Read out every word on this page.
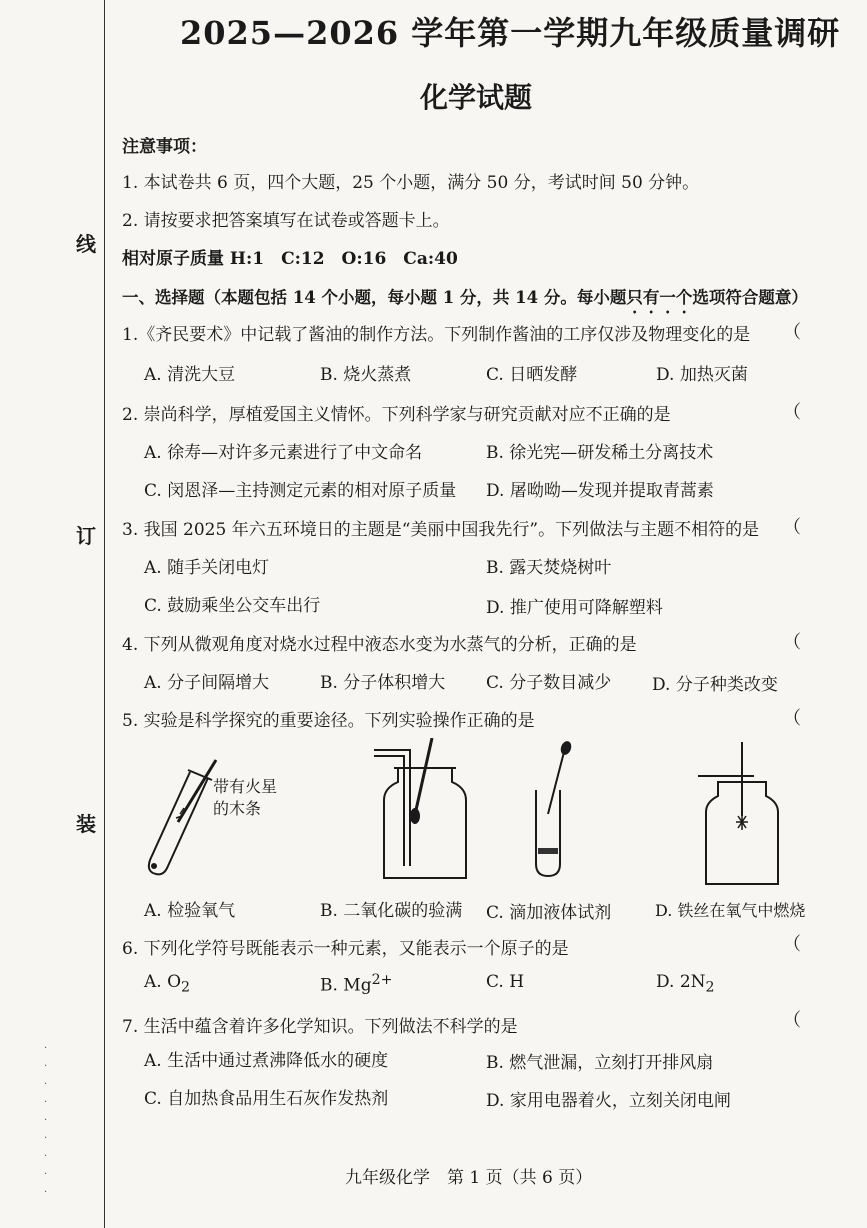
线
订
装
·
·
·
·
·
·
·
·
·
2025—2026 学年第一学期九年级质量调研
化学试题
注意事项：
1. 本试卷共 6 页，四个大题，25 个小题，满分 50 分，考试时间 50 分钟。
2. 请按要求把答案填写在试卷或答题卡上。
相对原子质量 H:1　C:12　O:16　Ca:40
一、选择题（本题包括 14 个小题，每小题 1 分，共 14 分。每小题只有一个选项符合题意）
1.《齐民要术》中记载了酱油的制作方法。下列制作酱油的工序仅涉及物理变化的是 （
A. 清洗大豆	B. 烧火蒸煮	C. 日晒发酵	D. 加热灭菌
2. 崇尚科学，厚植爱国主义情怀。下列科学家与研究贡献对应不正确的是	（
A. 徐寿—对许多元素进行了中文命名	B. 徐光宪—研发稀土分离技术
C. 闵恩泽—主持测定元素的相对原子质量 D. 屠呦呦—发现并提取青蒿素
3. 我国 2025 年六五环境日的主题是“美丽中国我先行”。下列做法与主题不相符的是 （
A. 随手关闭电灯	B. 露天焚烧树叶
C. 鼓励乘坐公交车出行	D. 推广使用可降解塑料
4. 下列从微观角度对烧水过程中液态水变为水蒸气的分析，正确的是	（
A. 分子间隔增大	B. 分子体积增大 C. 分子数目减少 D. 分子种类改变
5. 实验是科学探究的重要途径。下列实验操作正确的是	（
带有火星的木条
A. 检验氧气	B. 二氧化碳的验满 C. 滴加液体试剂	D. 铁丝在氧气中燃烧
6. 下列化学符号既能表示一种元素，又能表示一个原子的是	（
A. $O_2$	B. $Mg^{2+}$	C. H	D. $2N_2$
7. 生活中蕴含着许多化学知识。下列做法不科学的是	（
A. 生活中通过煮沸降低水的硬度	B. 燃气泄漏，立刻打开排风扇
C. 自加热食品用生石灰作发热剂	D. 家用电器着火，立刻关闭电闸
九年级化学　第 1 页（共 6 页）
